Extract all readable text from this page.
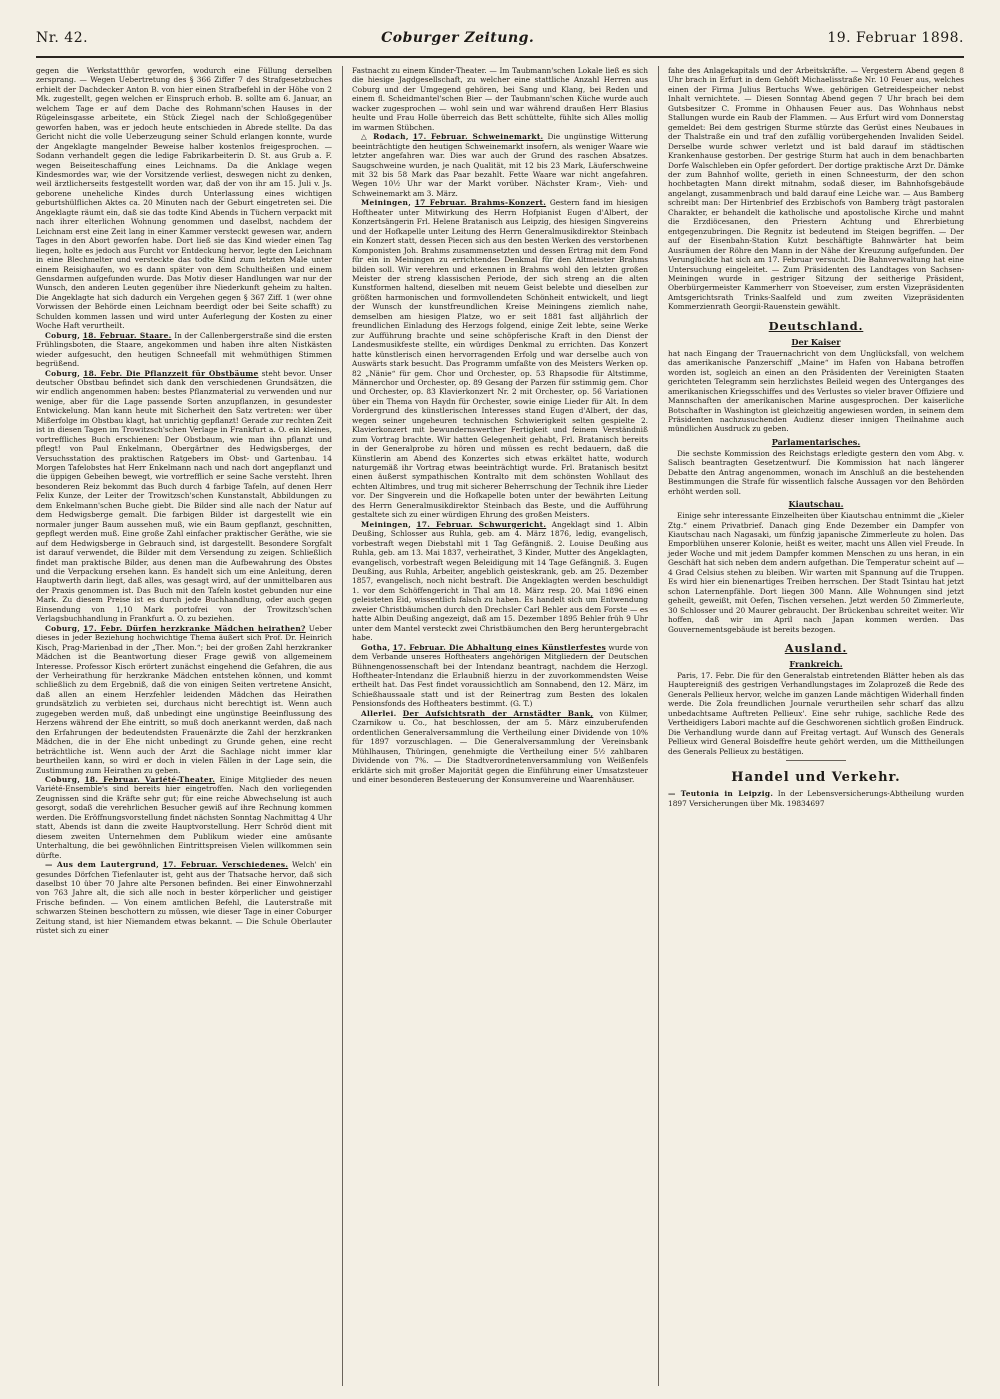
Nr. 42.	Coburger Zeitung.	19. Februar 1898.

gegen die Werkstattthür geworfen, wodurch eine Füllung derselben zersprang. — Wegen Uebertretung des § 366 Ziffer 7 des Strafgesetzbuches erhielt der Dachdecker Anton B. von hier einen Strafbefehl in der Höhe von 2 Mk. zugestellt, gegen welchen er Einspruch erhob. B. sollte am 6. Januar, an welchem Tage er auf dem Dache des Rohmann'schen Hauses in der Rügeleinsgasse arbeitete, ein Stück Ziegel nach der Schloßgegenüber geworfen haben, was er jedoch heute entschieden in Abrede stellte. Da das Gericht nicht die volle Ueberzeugung seiner Schuld erlangen konnte, wurde der Angeklagte mangelnder Beweise halber kostenlos freigesprochen. — Sodann verhandelt gegen die ledige Fabrikarbeiterin D. St. aus Grub a. F. wegen Beiseiteschaffung eines Leichnams. Da die Anklage wegen Kindesmordes war, wie der Vorsitzende verliest, deswegen nicht zu denken, weil ärztlicherseits festgestellt worden war, daß der von ihr am 15. Juli v. Js. geborene uneheliche Kindes durch Unterlassung eines wichtigen geburtshülflichen Aktes ca. 20 Minuten nach der Geburt eingetreten sei. Die Angeklagte räumt ein, daß sie das todte Kind Abends in Tüchern verpackt mit nach ihrer elterlichen Wohnung genommen und daselbst, nachdem der Leichnam erst eine Zeit lang in einer Kammer versteckt gewesen war, andern Tages in den Abort geworfen habe. Dort ließ sie das Kind wieder einen Tag liegen, holte es jedoch aus Furcht vor Entdeckung hervor, legte den Leichnam in eine Blechmelter und versteckte das todte Kind zum letzten Male unter einem Reisighaufen, wo es dann später von dem Schultheißen und einem Gensdarmen aufgefunden wurde. Das Motiv dieser Handlungen war nur der Wunsch, den anderen Leuten gegenüber ihre Niederkunft geheim zu halten. Die Angeklagte hat sich dadurch ein Vergehen gegen § 367 Ziff. 1 (wer ohne Vorwissen der Behörde einen Leichnam beerdigt oder bei Seite schafft) zu Schulden kommen lassen und wird unter Auferlegung der Kosten zu einer Woche Haft verurtheilt.

Coburg, 18. Februar. Staare. In der Callenbergerstraße sind die ersten Frühlingsboten, die Staare, angekommen und haben ihre alten Nistkästen wieder aufgesucht, den heutigen Schneefall mit wehmüthigen Stimmen begrüßend.

Coburg, 18. Febr. Die Pflanzzeit für Obstbäume steht bevor. Unser deutscher Obstbau befindet sich dank den verschiedenen Grundsätzen, die wir endlich angenommen haben: bestes Pflanzmaterial zu verwenden und nur wenige, aber für die Lage passende Sorten anzupflanzen, in gesundester Entwickelung. Man kann heute mit Sicherheit den Satz vertreten: wer über Mißerfolge im Obstbau klagt, hat unrichtig gepflanzt! Gerade zur rechten Zeit ist in diesen Tagen im Trowitzsch'schen Verlage in Frankfurt a. O. ein kleines, vortreffliches Buch erschienen: Der Obstbaum, wie man ihn pflanzt und pflegt! von Paul Enkelmann, Obergärtner des Hedwigsberges, der Versuchsstation des praktischen Ratgebers im Obst- und Gartenbau. 14 Morgen Tafelobstes hat Herr Enkelmann nach und nach dort angepflanzt und die üppigen Gebeihen bewegt, wie vortrefflich er seine Sache versteht. Ihren besonderen Reiz bekommt das Buch durch 4 farbige Tafeln, auf denen Herr Felix Kunze, der Leiter der Trowitzsch'schen Kunstanstalt, Abbildungen zu dem Enkelmann'schen Buche giebt. Die Bilder sind alle nach der Natur auf dem Hedwigsberge gemalt. Die farbigen Bilder ist dargestellt wie ein normaler junger Baum aussehen muß, wie ein Baum gepflanzt, geschnitten, gepflegt werden muß. Eine große Zahl einfacher praktischer Geräthe, wie sie auf dem Hedwigsberge in Gebrauch sind, ist dargestellt. Besondere Sorgfalt ist darauf verwendet, die Bilder mit dem Versendung zu zeigen. Schließlich findet man praktische Bilder, aus denen man die Aufbewahrung des Obstes und die Verpackung ersehen kann. Es handelt sich um eine Anleitung, deren Hauptwerth darin liegt, daß alles, was gesagt wird, auf der unmittelbaren aus der Praxis genommen ist. Das Buch mit den Tafeln kostet gebunden nur eine Mark. Zu diesem Preise ist es durch jede Buchhandlung, oder auch gegen Einsendung von 1,10 Mark portofrei von der Trowitzsch'schen Verlagsbuchhandlung in Frankfurt a. O. zu beziehen.

Coburg, 17. Febr. Dürfen herzkranke Mädchen heirathen? Ueber dieses in jeder Beziehung hochwichtige Thema äußert sich Prof. Dr. Heinrich Kisch, Prag-Marienbad in der „Ther. Mon.“; bei der großen Zahl herzkranker Mädchen ist die Beantwortung dieser Frage gewiß von allgemeinem Interesse. Professor Kisch erörtert zunächst eingehend die Gefahren, die aus der Verheirathung für herzkranke Mädchen entstehen können, und kommt schließlich zu dem Ergebniß, daß die von einigen Seiten vertretene Ansicht, daß allen an einem Herzfehler leidenden Mädchen das Heirathen grundsätzlich zu verbieten sei, durchaus nicht berechtigt ist. Wenn auch zugegeben werden muß, daß unbedingt eine ungünstige Beeinflussung des Herzens während der Ehe eintritt, so muß doch anerkannt werden, daß nach den Erfahrungen der bedeutendsten Frauenärzte die Zahl der herzkranken Mädchen, die in der Ehe nicht unbedingt zu Grunde gehen, eine recht beträchtliche ist. Wenn auch der Arzt die Sachlage nicht immer klar beurtheilen kann, so wird er doch in vielen Fällen in der Lage sein, die Zustimmung zum Heirathen zu geben.

Coburg, 18. Februar. Variété-Theater. Einige Mitglieder des neuen Variété-Ensemble's sind bereits hier eingetroffen. Nach den vorliegenden Zeugnissen sind die Kräfte sehr gut; für eine reiche Abwechselung ist auch gesorgt, sodaß die verehrlichen Besucher gewiß auf ihre Rechnung kommen werden. Die Eröffnungsvorstellung findet nächsten Sonntag Nachmittag 4 Uhr statt, Abends ist dann die zweite Hauptvorstellung. Herr Schröd dient mit diesem zweiten Unternehmen dem Publikum wieder eine amüsante Unterhaltung, die bei gewöhnlichen Eintrittspreisen Vielen willkommen sein dürfte.

— Aus dem Lautergrund, 17. Februar. Verschiedenes. Welch' ein gesundes Dörfchen Tiefenlauter ist, geht aus der Thatsache hervor, daß sich daselbst 10 über 70 Jahre alte Personen befinden. Bei einer Einwohnerzahl von 763 Jahre alt, die sich alle noch in bester körperlicher und geistiger Frische befinden. — Von einem amtlichen Befehl, die Lauterstraße mit schwarzen Steinen beschottern zu müssen, wie dieser Tage in einer Coburger Zeitung stand, ist hier Niemandem etwas bekannt. — Die Schule Oberlauter rüstet sich zu einer

Fastnacht zu einem Kinder-Theater. — Im Taubmann'schen Lokale ließ es sich die hiesige Jagdgesellschaft, zu welcher eine stattliche Anzahl Herren aus Coburg und der Umgegend gehören, bei Sang und Klang, bei Reden und einem fl. Scheidmantel'schen Bier — der Taubmann'schen Küche wurde auch wacker zugesprochen — wohl sein und war während draußen Herr Blasius heulte und Frau Holle überreich das Bett schüttelte, fühlte sich Alles mollig im warmen Stübchen.

△ Rodach, 17. Februar. Schweinemarkt. Die ungünstige Witterung beeinträchtigte den heutigen Schweinemarkt insofern, als weniger Waare wie letzter angefahren war. Dies war auch der Grund des raschen Absatzes. Saugschweine wurden, je nach Qualität, mit 12 bis 23 Mark, Läuferschweine mit 32 bis 58 Mark das Paar bezahlt. Fette Waare war nicht angefahren. Wegen 10½ Uhr war der Markt vorüber. Nächster Kram-, Vieh- und Schweinemarkt am 3. März.

Meiningen, 17 Februar. Brahms-Konzert. Gestern fand im hiesigen Hoftheater unter Mitwirkung des Herrn Hofpianist Eugen d'Albert, der Konzertsängerin Frl. Helene Bratanisch aus Leipzig, des hiesigen Singvereins und der Hofkapelle unter Leitung des Herrn Generalmusikdirektor Steinbach ein Konzert statt, dessen Piecen sich aus den besten Werken des verstorbenen Komponisten Joh. Brahms zusammensetzten und dessen Ertrag mit dem Fond für ein in Meiningen zu errichtendes Denkmal für den Altmeister Brahms bilden soll. Wir verehren und erkennen in Brahms wohl den letzten großen Meister der streng klassischen Periode, der sich streng an die alten Kunstformen haltend, dieselben mit neuem Geist belebte und dieselben zur größten harmonischen und formvollendeten Schönheit entwickelt, und liegt der Wunsch der kunstfreundlichen Kreise Meiningens ziemlich nahe, demselben am hiesigen Platze, wo er seit 1881 fast alljährlich der freundlichen Einladung des Herzogs folgend, einige Zeit lebte, seine Werke zur Aufführung brachte und seine schöpferische Kraft in den Dienst der Landesmusikfeste stellte, ein würdiges Denkmal zu errichten. Das Konzert hatte künstlerisch einen hervorragenden Erfolg und war derselbe auch von Auswärts stark besucht. Das Programm umfaßte von des Meisters Werken op. 82 „Nänie“ für gem. Chor und Orchester, op. 53 Rhapsodie für Altstimme, Männerchor und Orchester, op. 89 Gesang der Parzen für sstimmig gem. Chor und Orchester, op. 83 Klavierkonzert Nr. 2 mit Orchester, op. 56 Variationen über ein Thema von Haydn für Orchester, sowie einige Lieder für Alt. In dem Vordergrund des künstlerischen Interesses stand Eugen d'Albert, der das, wegen seiner ungeheuren technischen Schwierigkeit selten gespielte 2. Klavierkonzert mit bewundernswerther Fertigkeit und feinem Verständniß zum Vortrag brachte. Wir hatten Gelegenheit gehabt, Frl. Bratanisch bereits in der Generalprobe zu hören und müssen es recht bedauern, daß die Künstlerin am Abend des Konzertes sich etwas erkältet hatte, wodurch naturgemäß ihr Vortrag etwas beeinträchtigt wurde. Frl. Bratanisch besitzt einen äußerst sympathischen Kontralto mit dem schönsten Wohllaut des echten Altimbres, und trug mit sicherer Beherrschung der Technik ihre Lieder vor. Der Singverein und die Hofkapelle boten unter der bewährten Leitung des Herrn Generalmusikdirektor Steinbach das Beste, und die Aufführung gestaltete sich zu einer würdigen Ehrung des großen Meisters.

Meiningen, 17. Februar. Schwurgericht. Angeklagt sind 1. Albin Deußing, Schlosser aus Ruhla, geb. am 4. März 1876, ledig, evangelisch, vorbestraft wegen Diebstahl mit 1 Tag Gefängniß. 2. Louise Deußing aus Ruhla, geb. am 13. Mai 1837, verheirathet, 3 Kinder, Mutter des Angeklagten, evangelisch, vorbestraft wegen Beleidigung mit 14 Tage Gefängniß. 3. Eugen Deußing, aus Ruhla, Arbeiter, angeblich geisteskrank, geb. am 25. Dezember 1857, evangelisch, noch nicht bestraft. Die Angeklagten werden beschuldigt 1. vor dem Schöffengericht in Thal am 18. März resp. 20. Mai 1896 einen geleisteten Eid, wissentlich falsch zu haben. Es handelt sich um Entwendung zweier Christbäumchen durch den Drechsler Carl Behler aus dem Forste — es hatte Albin Deußing angezeigt, daß am 15. Dezember 1895 Behler früh 9 Uhr unter dem Mantel versteckt zwei Christbäumchen den Berg heruntergebracht habe.

Gotha, 17. Februar. Die Abhaltung eines Künstlerfestes wurde von dem Verbande unseres Hoftheaters angehörigen Mitgliedern der Deutschen Bühnengenossenschaft bei der Intendanz beantragt, nachdem die Herzogl. Hoftheater-Intendanz die Erlaubniß hierzu in der zuvorkommendsten Weise ertheilt hat. Das Fest findet voraussichtlich am Sonnabend, den 12. März, im Schießhaussaale statt und ist der Reinertrag zum Besten des lokalen Pensionsfonds des Hoftheaters bestimmt. (G. T.)

Allerlei. Der Aufsichtsrath der Arnstädter Bank, von Külmer, Czarnikow u. Co., hat beschlossen, der am 5. März einzuberufenden ordentlichen Generalversammlung die Vertheilung einer Dividende von 10% für 1897 vorzuschlagen. — Die Generalversammlung der Vereinsbank Mühlhausen, Thüringen, genehmigte die Vertheilung einer 5½ zahlbaren Dividende von 7%. — Die Stadtverordnetenversammlung von Weißenfels erklärte sich mit großer Majorität gegen die Einführung einer Umsatzsteuer und einer besonderen Besteuerung der Konsumvereine und Waarenhäuser.

fahe des Anlagekapitals und der Arbeitskräfte. — Vergestern Abend gegen 8 Uhr brach in Erfurt in dem Gehöft Michaelisstraße Nr. 10 Feuer aus, welches einen der Firma Julius Bertuchs Wwe. gehörigen Getreidespeicher nebst Inhalt vernichtete. — Diesen Sonntag Abend gegen 7 Uhr brach bei dem Gutsbesitzer C. Fromme in Ohhausen Feuer aus. Das Wohnhaus nebst Stallungen wurde ein Raub der Flammen. — Aus Erfurt wird vom Donnerstag gemeldet: Bei dem gestrigen Sturme stürzte das Gerüst eines Neubaues in der Thalstraße ein und traf den zufällig vorübergehenden Invaliden Seidel. Derselbe wurde schwer verletzt und ist bald darauf im städtischen Krankenhause gestorben. Der gestrige Sturm hat auch in dem benachbarten Dorfe Walschleben ein Opfer gefordert. Der dortige praktische Arzt Dr. Dämke der zum Bahnhof wollte, gerieth in einen Schneesturm, der den schon hochbetagten Mann direkt mitnahm, sodaß dieser, im Bahnhofsgebäude angelangt, zusammenbrach und bald darauf eine Leiche war. — Aus Bamberg schreibt man: Der Hirtenbrief des Erzbischofs von Bamberg trägt pastoralen Charakter, er behandelt die katholische und apostolische Kirche und mahnt die Erzdiöcesanen, den Priestern Achtung und Ehrerbietung entgegenzubringen. Die Regnitz ist bedeutend im Steigen begriffen. — Der auf der Eisenbahn-Station Kutzt beschäftigte Bahnwärter hat beim Ausräumen der Röhre den Mann in der Nähe der Kreuzung aufgefunden. Der Verunglückte hat sich am 17. Februar versucht. Die Bahnverwaltung hat eine Untersuchung eingeleitet. — Zum Präsidenten des Landtages von Sachsen-Meiningen wurde in gestriger Sitzung der seitherige Präsident, Oberbürgermeister Kammerherr von Stoeveiser, zum ersten Vizepräsidenten Amtsgerichtsrath Trinks-Saalfeld und zum zweiten Vizepräsidenten Kommerzienrath Georgii-Rauenstein gewählt.

Deutschland.
Der Kaiser

hat nach Eingang der Trauernachricht von dem Unglücksfall, von welchem das amerikanische Panzerschiff „Maine“ im Hafen von Habana betroffen worden ist, sogleich an einen an den Präsidenten der Vereinigten Staaten gerichteten Telegramm sein herzlichstes Beileid wegen des Unterganges des amerikanischen Kriegsschiffes und des Verlustes so vieler braver Offiziere und Mannschaften der amerikanischen Marine ausgesprochen. Der kaiserliche Botschafter in Washington ist gleichzeitig angewiesen worden, in seinem dem Präsidenten nachzusuchenden Audienz dieser innigen Theilnahme auch mündlichen Ausdruck zu geben.

Parlamentarisches.

Die sechste Kommission des Reichstags erledigte gestern den vom Abg. v. Salisch beantragten Gesetzentwurf. Die Kommission hat nach längerer Debatte den Antrag angenommen, wonach im Anschluß an die bestehenden Bestimmungen die Strafe für wissentlich falsche Aussagen vor den Behörden erhöht werden soll.

Kiautschau.

Einige sehr interessante Einzelheiten über Kiautschau entnimmt die „Kieler Ztg.“ einem Privatbrief. Danach ging Ende Dezember ein Dampfer von Kiautschau nach Nagasaki, um fünfzig japanische Zimmerleute zu holen. Das Emporblühen unserer Kolonie, heißt es weiter, macht uns Allen viel Freude. In jeder Woche und mit jedem Dampfer kommen Menschen zu uns heran, in ein Geschäft hat sich neben dem andern aufgethan. Die Temperatur scheint auf — 4 Grad Celsius stehen zu bleiben. Wir warten mit Spannung auf die Truppen. Es wird hier ein bienenartiges Treiben herrschen. Der Stadt Tsintau hat jetzt schon Laternenpfähle. Dort liegen 300 Mann. Alle Wohnungen sind jetzt geheilt, geweißt, mit Oefen, Tischen versehen. Jetzt werden 50 Zimmerleute, 30 Schlosser und 20 Maurer gebraucht. Der Brückenbau schreitet weiter. Wir hoffen, daß wir im April nach Japan kommen werden. Das Gouvernementsgebäude ist bereits bezogen.

Ausland.
Frankreich.

Paris, 17. Febr. Die für den Generalstab eintretenden Blätter heben als das Hauptereigniß des gestrigen Verhandlungstages im Zolaprozeß die Rede des Generals Pellieux hervor, welche im ganzen Lande mächtigen Widerhall finden werde. Die Zola freundlichen Journale verurtheilen sehr scharf das allzu unbedachtsame Auftreten Pellieux'. Eine sehr ruhige, sachliche Rede des Vertheidigers Labori machte auf die Geschworenen sichtlich großen Eindruck. Die Verhandlung wurde dann auf Freitag vertagt. Auf Wunsch des Generals Pellieux wird General Boisdeffre heute gehört werden, um die Mittheilungen des Generals Pellieux zu bestätigen.

Handel und Verkehr.

— Teutonia in Leipzig. In der Lebensversicherungs-Abtheilung wurden 1897 Versicherungen über Mk. 19834697
